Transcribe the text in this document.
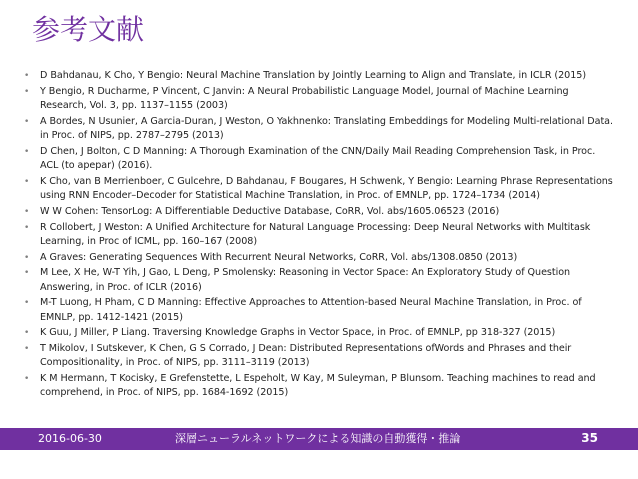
参考文献
• D Bahdanau, K Cho, Y Bengio: Neural Machine Translation by Jointly Learning to Align and Translate, in ICLR (2015)
• Y Bengio, R Ducharme, P Vincent, C Janvin: A Neural Probabilistic Language Model, Journal of Machine Learning Research, Vol. 3, pp. 1137–1155 (2003)
• A Bordes, N Usunier, A Garcia-Duran, J Weston, O Yakhnenko: Translating Embeddings for Modeling Multi-relational Data. in Proc. of NIPS, pp. 2787–2795 (2013)
• D Chen, J Bolton, C D Manning: A Thorough Examination of the CNN/Daily Mail Reading Comprehension Task, in Proc. ACL (to apepar) (2016).
• K Cho, van B Merrienboer, C Gulcehre, D Bahdanau, F Bougares, H Schwenk, Y Bengio: Learning Phrase Representations using RNN Encoder–Decoder for Statistical Machine Translation, in Proc. of EMNLP, pp. 1724–1734 (2014)
• W W Cohen: TensorLog: A Differentiable Deductive Database, CoRR, Vol. abs/1605.06523 (2016)
• R Collobert, J Weston: A Unified Architecture for Natural Language Processing: Deep Neural Networks with Multitask Learning, in Proc of ICML, pp. 160–167 (2008)
• A Graves: Generating Sequences With Recurrent Neural Networks, CoRR, Vol. abs/1308.0850 (2013)
• M Lee, X He, W-T Yih, J Gao, L Deng, P Smolensky: Reasoning in Vector Space: An Exploratory Study of Question Answering, in Proc. of ICLR (2016)
• M-T Luong, H Pham, C D Manning: Effective Approaches to Attention-based Neural Machine Translation, in Proc. of EMNLP, pp. 1412-1421 (2015)
• K Guu, J Miller, P Liang. Traversing Knowledge Graphs in Vector Space, in Proc. of EMNLP, pp 318-327 (2015)
• T Mikolov, I Sutskever, K Chen, G S Corrado, J Dean: Distributed Representations ofWords and Phrases and their Compositionality, in Proc. of NIPS, pp. 3111–3119 (2013)
• K M Hermann, T Kocisky, E Grefenstette, L Espeholt, W Kay, M Suleyman, P Blunsom. Teaching machines to read and comprehend, in Proc. of NIPS, pp. 1684-1692 (2015)
2016-06-30	深層ニューラルネットワークによる知識の自動獲得・推論	35
